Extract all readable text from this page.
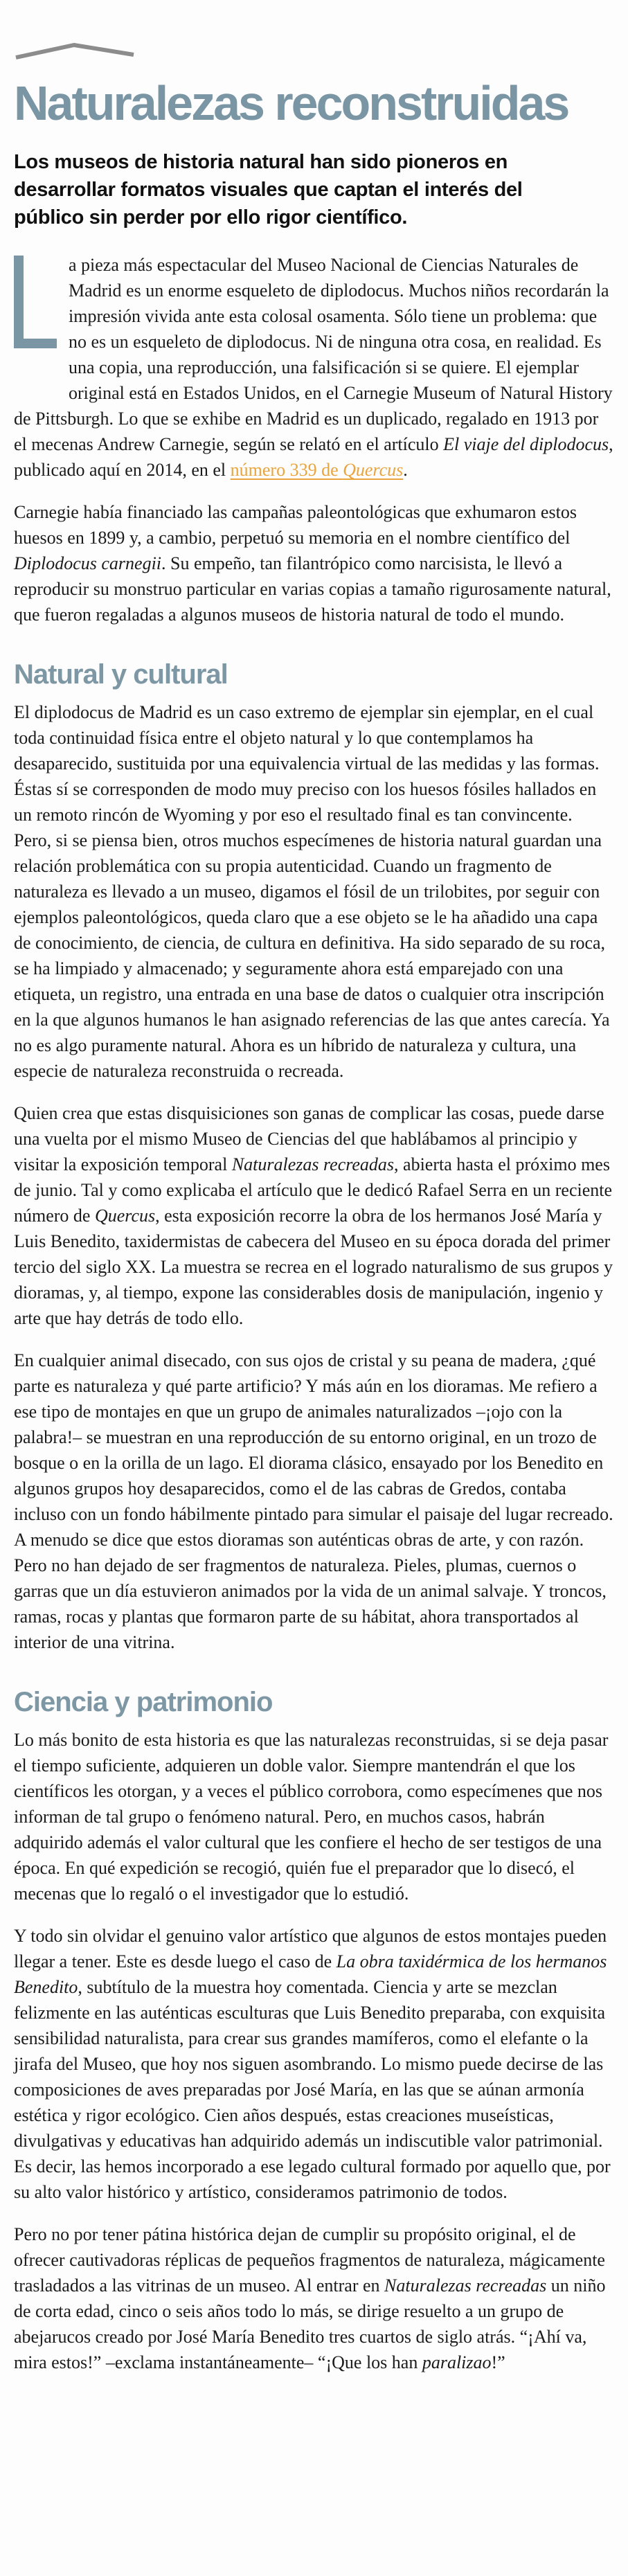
Naturalezas reconstruidas

Los museos de historia natural han sido pioneros en desarrollar formatos visuales que captan el interés del público sin perder por ello rigor científico.

a pieza más espectacular del Museo Nacional de Ciencias Naturales de Madrid es un enorme esqueleto de diplodocus. Muchos niños recordarán la impresión vivida ante esta colosal osamenta. Sólo tiene un problema: que no es un esqueleto de diplodocus. Ni de ninguna otra cosa, en realidad. Es una copia, una reproducción, una falsificación si se quiere. El ejemplar original está en Estados Unidos, en el Carnegie Museum of Natural History de Pittsburgh. Lo que se exhibe en Madrid es un duplicado, regalado en 1913 por el mecenas Andrew Carnegie, según se relató en el artículo El viaje del diplodocus, publicado aquí en 2014, en el número 339 de Quercus.

Carnegie había financiado las campañas paleontológicas que exhumaron estos huesos en 1899 y, a cambio, perpetuó su memoria en el nombre científico del Diplodocus carnegii. Su empeño, tan filantrópico como narcisista, le llevó a reproducir su monstruo particular en varias copias a tamaño rigurosamente natural, que fueron regaladas a algunos museos de historia natural de todo el mundo.

Natural y cultural

El diplodocus de Madrid es un caso extremo de ejemplar sin ejemplar, en el cual toda continuidad física entre el objeto natural y lo que contemplamos ha desaparecido, sustituida por una equivalencia virtual de las medidas y las formas. Éstas sí se corresponden de modo muy preciso con los huesos fósiles hallados en un remoto rincón de Wyoming y por eso el resultado final es tan convincente. Pero, si se piensa bien, otros muchos especímenes de historia natural guardan una relación problemática con su propia autenticidad. Cuando un fragmento de naturaleza es llevado a un museo, digamos el fósil de un trilobites, por seguir con ejemplos paleontológicos, queda claro que a ese objeto se le ha añadido una capa de conocimiento, de ciencia, de cultura en definitiva. Ha sido separado de su roca, se ha limpiado y almacenado; y seguramente ahora está emparejado con una etiqueta, un registro, una entrada en una base de datos o cualquier otra inscripción en la que algunos humanos le han asignado referencias de las que antes carecía. Ya no es algo puramente natural. Ahora es un híbrido de naturaleza y cultura, una especie de naturaleza reconstruida o recreada.

Quien crea que estas disquisiciones son ganas de complicar las cosas, puede darse una vuelta por el mismo Museo de Ciencias del que hablábamos al principio y visitar la exposición temporal Naturalezas recreadas, abierta hasta el próximo mes de junio. Tal y como explicaba el artículo que le dedicó Rafael Serra en un reciente número de Quercus, esta exposición recorre la obra de los hermanos José María y Luis Benedito, taxidermistas de cabecera del Museo en su época dorada del primer tercio del siglo XX. La muestra se recrea en el logrado naturalismo de sus grupos y dioramas, y, al tiempo, expone las considerables dosis de manipulación, ingenio y arte que hay detrás de todo ello.

En cualquier animal disecado, con sus ojos de cristal y su peana de madera, ¿qué parte es naturaleza y qué parte artificio? Y más aún en los dioramas. Me refiero a ese tipo de montajes en que un grupo de animales naturalizados –¡ojo con la palabra!– se muestran en una reproducción de su entorno original, en un trozo de bosque o en la orilla de un lago. El diorama clásico, ensayado por los Benedito en algunos grupos hoy desaparecidos, como el de las cabras de Gredos, contaba incluso con un fondo hábilmente pintado para simular el paisaje del lugar recreado. A menudo se dice que estos dioramas son auténticas obras de arte, y con razón. Pero no han dejado de ser fragmentos de naturaleza. Pieles, plumas, cuernos o garras que un día estuvieron animados por la vida de un animal salvaje. Y troncos, ramas, rocas y plantas que formaron parte de su hábitat, ahora transportados al interior de una vitrina.

Ciencia y patrimonio

Lo más bonito de esta historia es que las naturalezas reconstruidas, si se deja pasar el tiempo suficiente, adquieren un doble valor. Siempre mantendrán el que los científicos les otorgan, y a veces el público corrobora, como especímenes que nos informan de tal grupo o fenómeno natural. Pero, en muchos casos, habrán adquirido además el valor cultural que les confiere el hecho de ser testigos de una época. En qué expedición se recogió, quién fue el preparador que lo disecó, el mecenas que lo regaló o el investigador que lo estudió.

Y todo sin olvidar el genuino valor artístico que algunos de estos montajes pueden llegar a tener. Este es desde luego el caso de La obra taxidérmica de los hermanos Benedito, subtítulo de la muestra hoy comentada. Ciencia y arte se mezclan felizmente en las auténticas esculturas que Luis Benedito preparaba, con exquisita sensibilidad naturalista, para crear sus grandes mamíferos, como el elefante o la jirafa del Museo, que hoy nos siguen asombrando. Lo mismo puede decirse de las composiciones de aves preparadas por José María, en las que se aúnan armonía estética y rigor ecológico. Cien años después, estas creaciones museísticas, divulgativas y educativas han adquirido además un indiscutible valor patrimonial. Es decir, las hemos incorporado a ese legado cultural formado por aquello que, por su alto valor histórico y artístico, consideramos patrimonio de todos.

Pero no por tener pátina histórica dejan de cumplir su propósito original, el de ofrecer cautivadoras réplicas de pequeños fragmentos de naturaleza, mágicamente trasladados a las vitrinas de un museo. Al entrar en Naturalezas recreadas un niño de corta edad, cinco o seis años todo lo más, se dirige resuelto a un grupo de abejarucos creado por José María Benedito tres cuartos de siglo atrás. “¡Ahí va, mira estos!” –exclama instantáneamente– “¡Que los han paralizao!”
